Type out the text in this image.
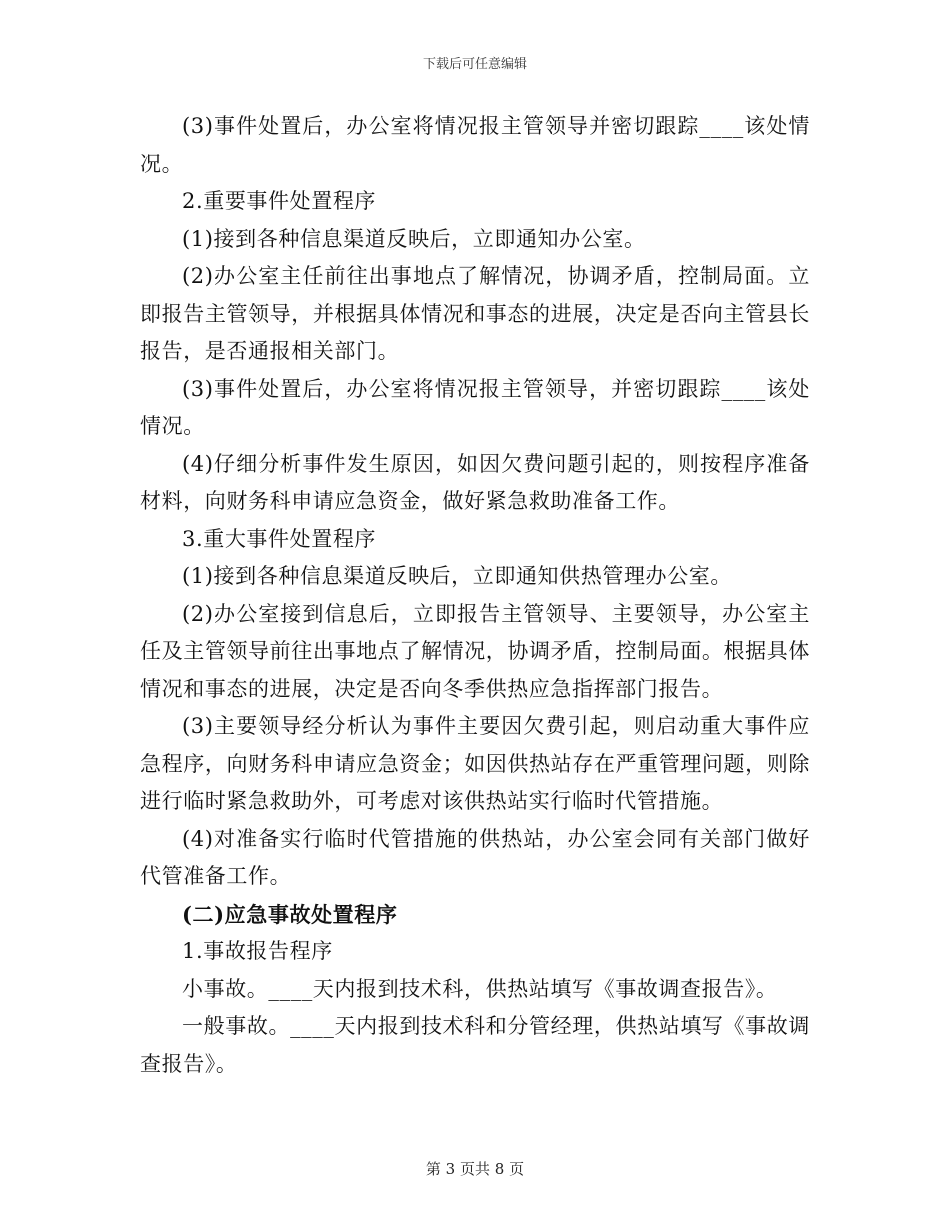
下载后可任意编辑

(3)事件处置后，办公室将情况报主管领导并密切跟踪____该处情况。

2.重要事件处置程序

(1)接到各种信息渠道反映后，立即通知办公室。

(2)办公室主任前往出事地点了解情况，协调矛盾，控制局面。立即报告主管领导，并根据具体情况和事态的进展，决定是否向主管县长报告，是否通报相关部门。

(3)事件处置后，办公室将情况报主管领导，并密切跟踪____该处情况。

(4)仔细分析事件发生原因，如因欠费问题引起的，则按程序准备材料，向财务科申请应急资金，做好紧急救助准备工作。

3.重大事件处置程序

(1)接到各种信息渠道反映后，立即通知供热管理办公室。

(2)办公室接到信息后，立即报告主管领导、主要领导，办公室主任及主管领导前往出事地点了解情况，协调矛盾，控制局面。根据具体情况和事态的进展，决定是否向冬季供热应急指挥部门报告。

(3)主要领导经分析认为事件主要因欠费引起，则启动重大事件应急程序，向财务科申请应急资金；如因供热站存在严重管理问题，则除进行临时紧急救助外，可考虑对该供热站实行临时代管措施。

(4)对准备实行临时代管措施的供热站，办公室会同有关部门做好代管准备工作。

(二)应急事故处置程序

1.事故报告程序

小事故。____天内报到技术科，供热站填写《事故调查报告》。

一般事故。____天内报到技术科和分管经理，供热站填写《事故调查报告》。

第 3 页共 8 页
